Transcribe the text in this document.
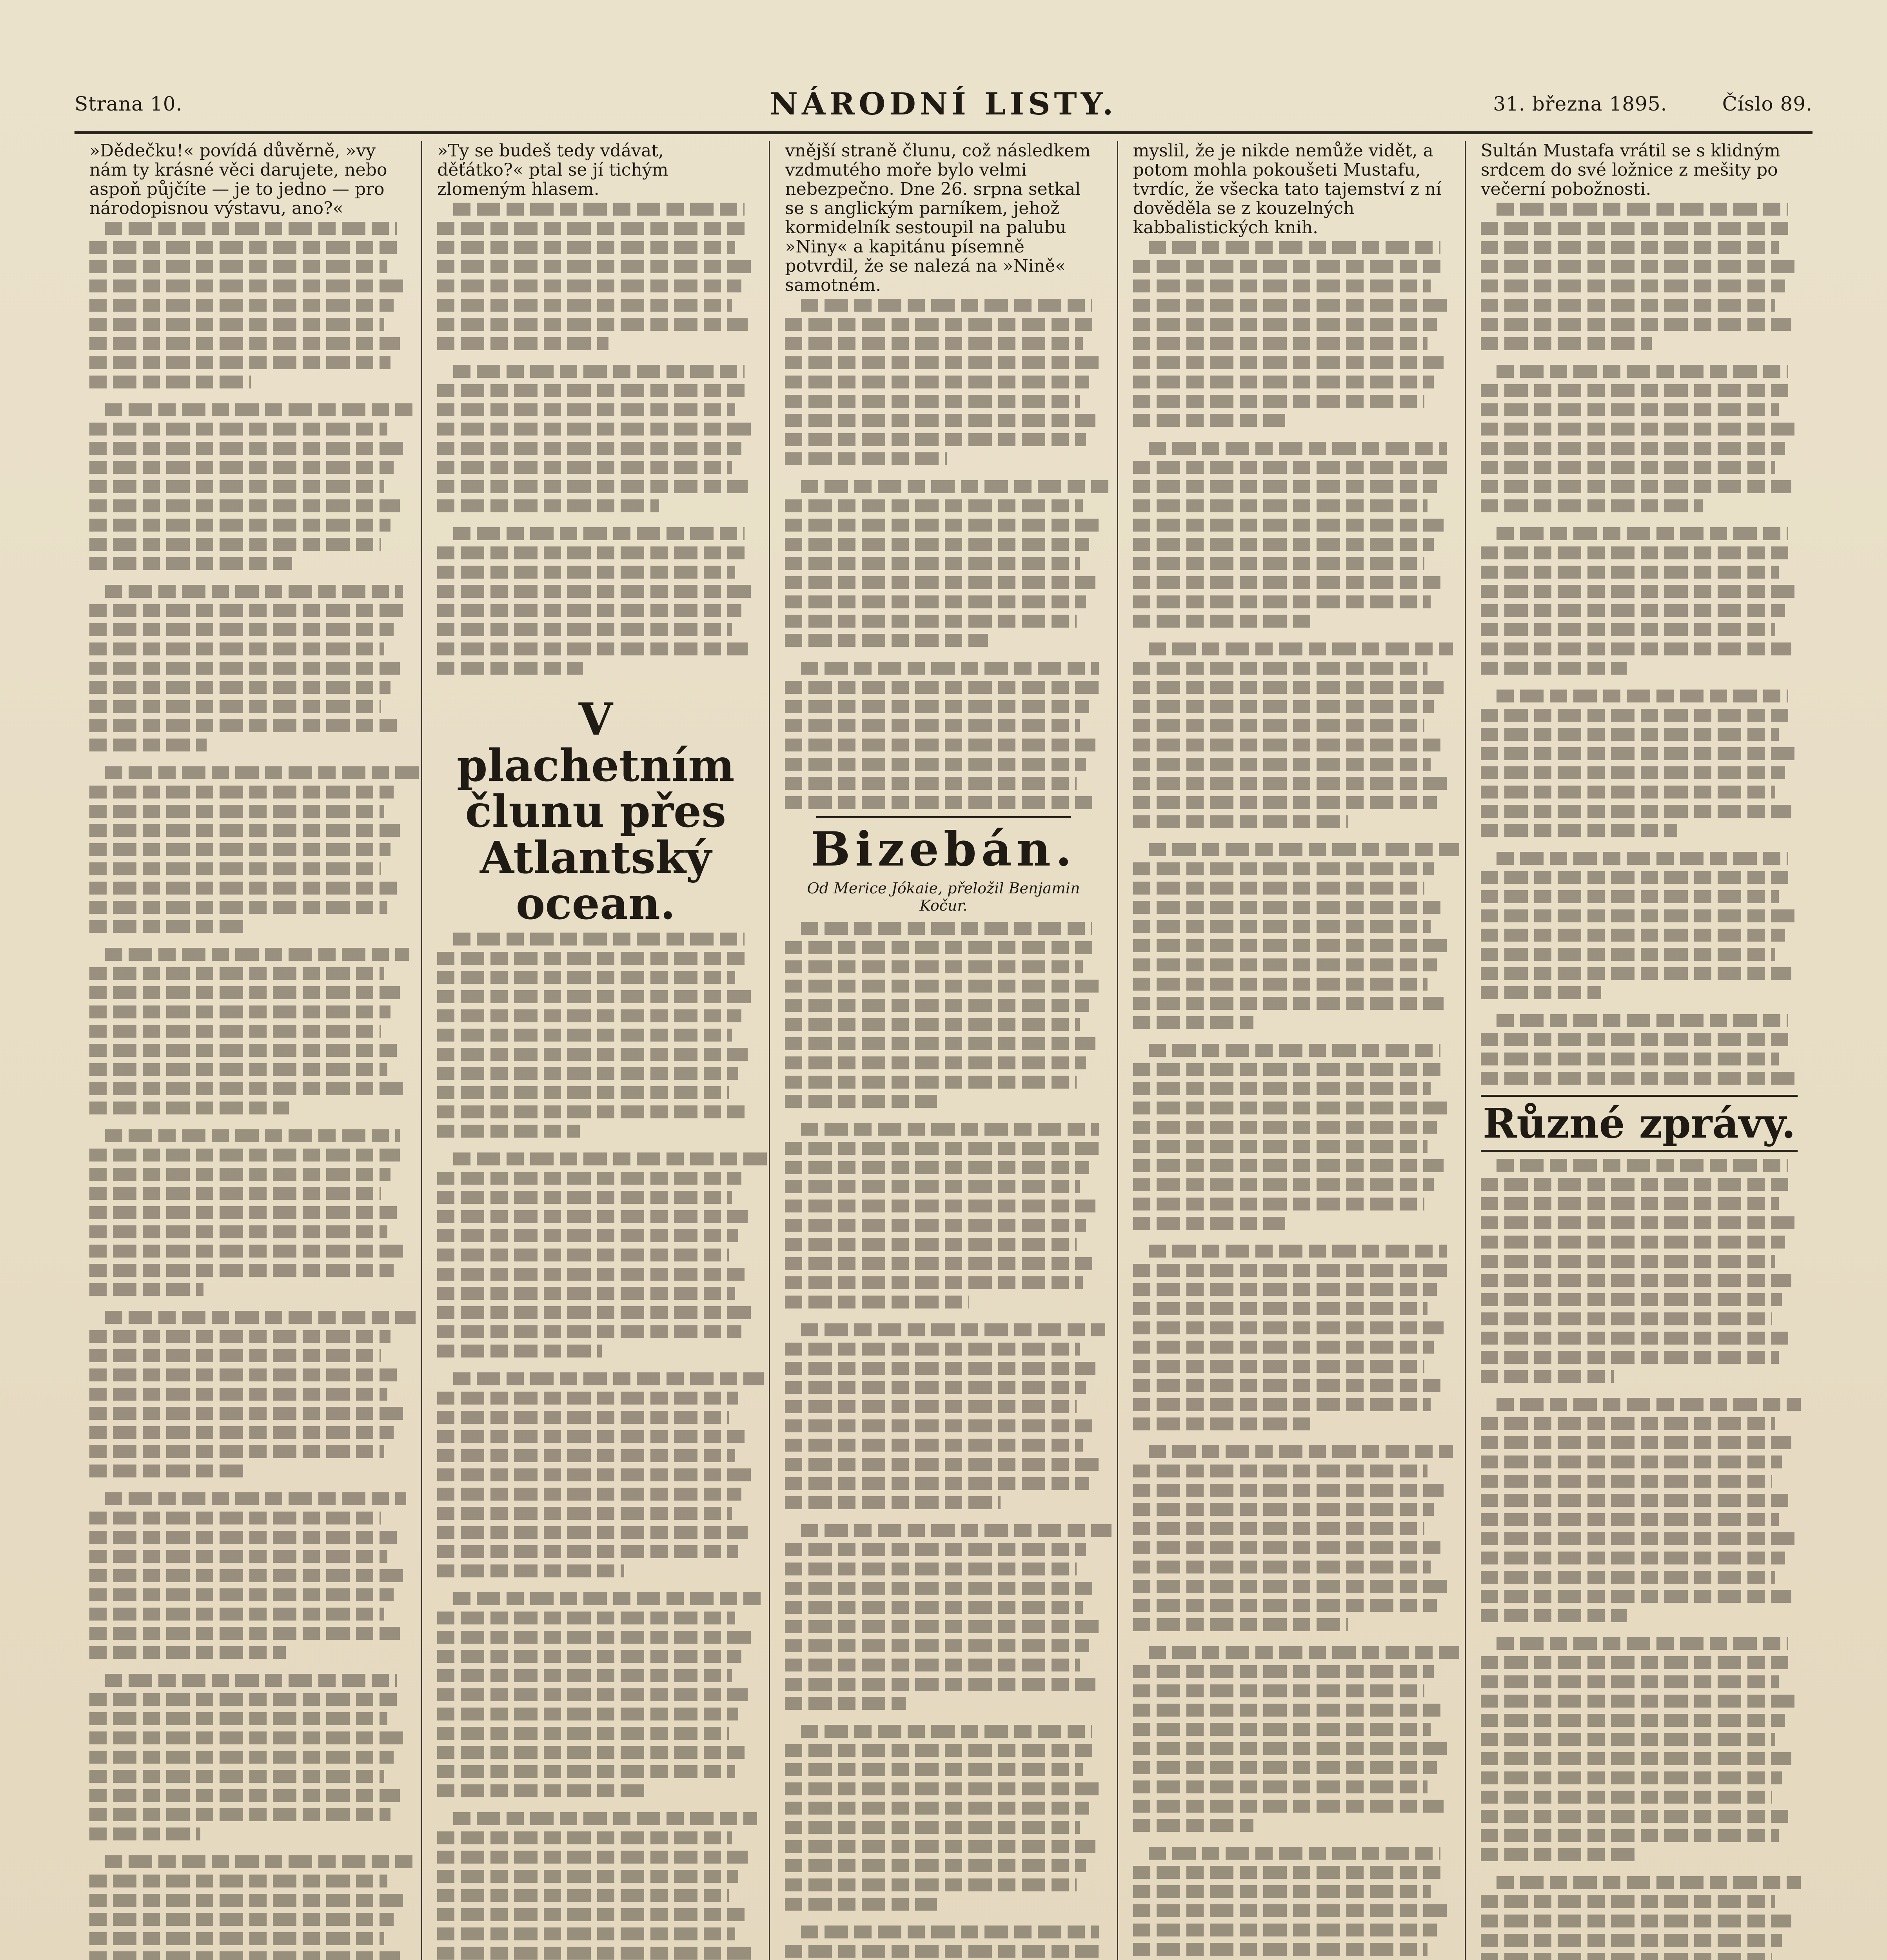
Strana 10.	NÁRODNÍ LISTY.	31. března 1895.	Číslo 89.

»Dědečku!« povídá důvěrně, »vy nám ty krásné věci darujete, nebo aspoň půjčíte — je to jedno — pro národopisnou výstavu, ano?«

»Ty se budeš tedy vdávat, děťátko?« ptal se jí tichým zlomeným hlasem.

V plachetním člunu přes Atlantský ocean.

vnější straně člunu, což následkem vzdmutého moře bylo velmi nebezpečno. Dne 26. srpna setkal se s anglickým parníkem, jehož kormidelník sestoupil na palubu »Niny« a kapitánu písemně potvrdil, že se nalezá na »Nině« samotném.

Bizebán.
Od Merice Jókaie, přeložil Benjamin Kočur.

myslil, že je nikde nemůže vidět, a potom mohla pokoušeti Mustafu, tvrdíc, že všecka tato tajemství z ní dověděla se z kouzelných kabbalistických knih.

Sultán Mustafa vrátil se s klidným srdcem do své ložnice z mešity po večerní pobožnosti.

Různé zprávy.
